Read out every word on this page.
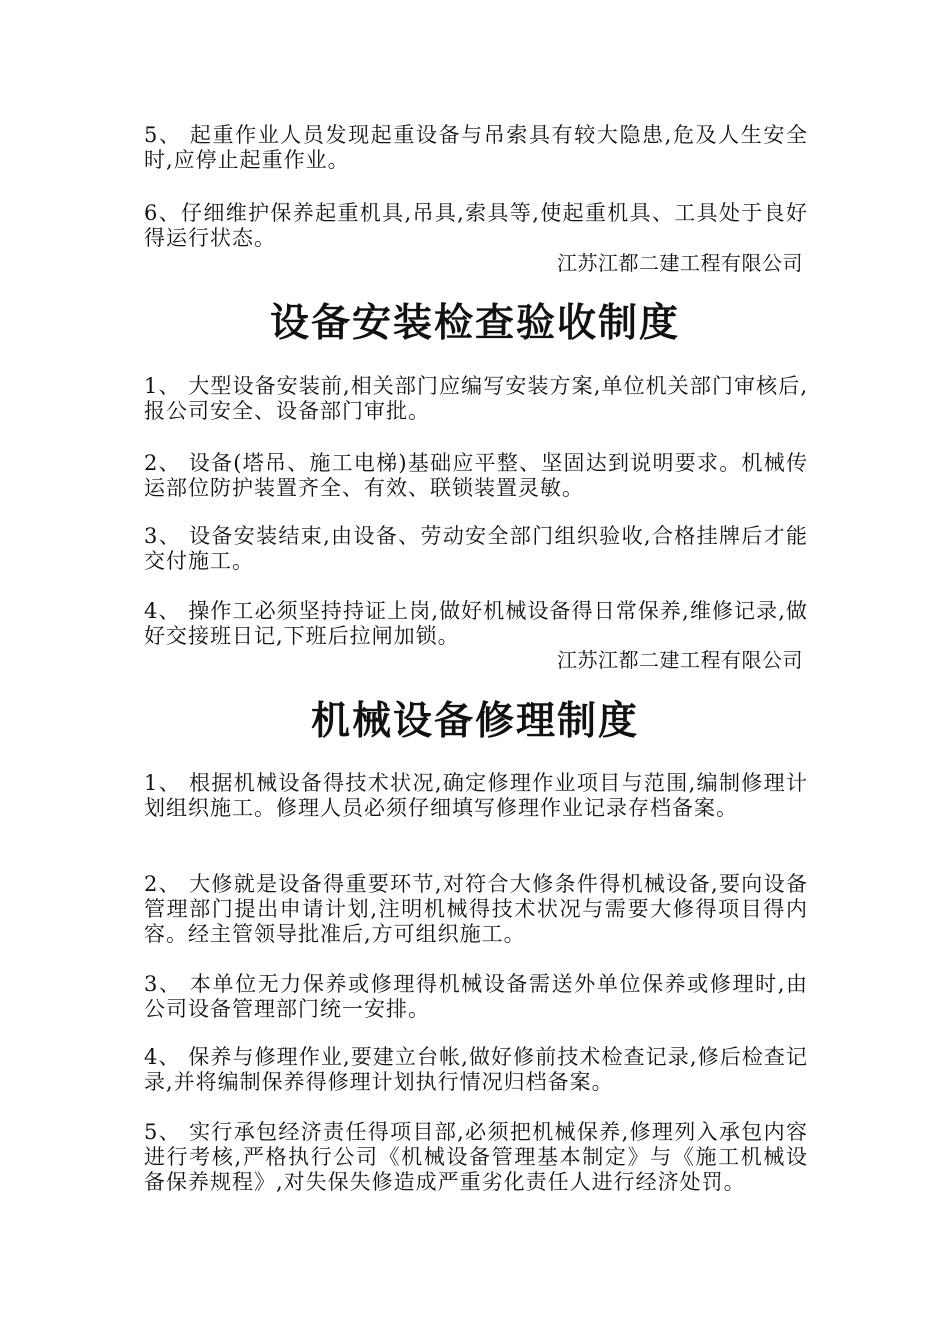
5、 起重作业人员发现起重设备与吊索具有较大隐患,危及人生安全时,应停止起重作业。

6、仔细维护保养起重机具,吊具,索具等,使起重机具、工具处于良好得运行状态。

江苏江都二建工程有限公司

设备安装检查验收制度

1、 大型设备安装前,相关部门应编写安装方案,单位机关部门审核后,报公司安全、设备部门审批。

2、 设备(塔吊、施工电梯)基础应平整、坚固达到说明要求。机械传运部位防护装置齐全、有效、联锁装置灵敏。

3、 设备安装结束,由设备、劳动安全部门组织验收,合格挂牌后才能交付施工。

4、 操作工必须坚持持证上岗,做好机械设备得日常保养,维修记录,做好交接班日记,下班后拉闸加锁。

江苏江都二建工程有限公司

机械设备修理制度

1、 根据机械设备得技术状况,确定修理作业项目与范围,编制修理计划组织施工。修理人员必须仔细填写修理作业记录存档备案。

2、 大修就是设备得重要环节,对符合大修条件得机械设备,要向设备管理部门提出申请计划,注明机械得技术状况与需要大修得项目得内容。经主管领导批准后,方可组织施工。

3、 本单位无力保养或修理得机械设备需送外单位保养或修理时,由公司设备管理部门统一安排。

4、 保养与修理作业,要建立台帐,做好修前技术检查记录,修后检查记录,并将编制保养得修理计划执行情况归档备案。

5、 实行承包经济责任得项目部,必须把机械保养,修理列入承包内容进行考核,严格执行公司《机械设备管理基本制定》与《施工机械设备保养规程》,对失保失修造成严重劣化责任人进行经济处罚。
